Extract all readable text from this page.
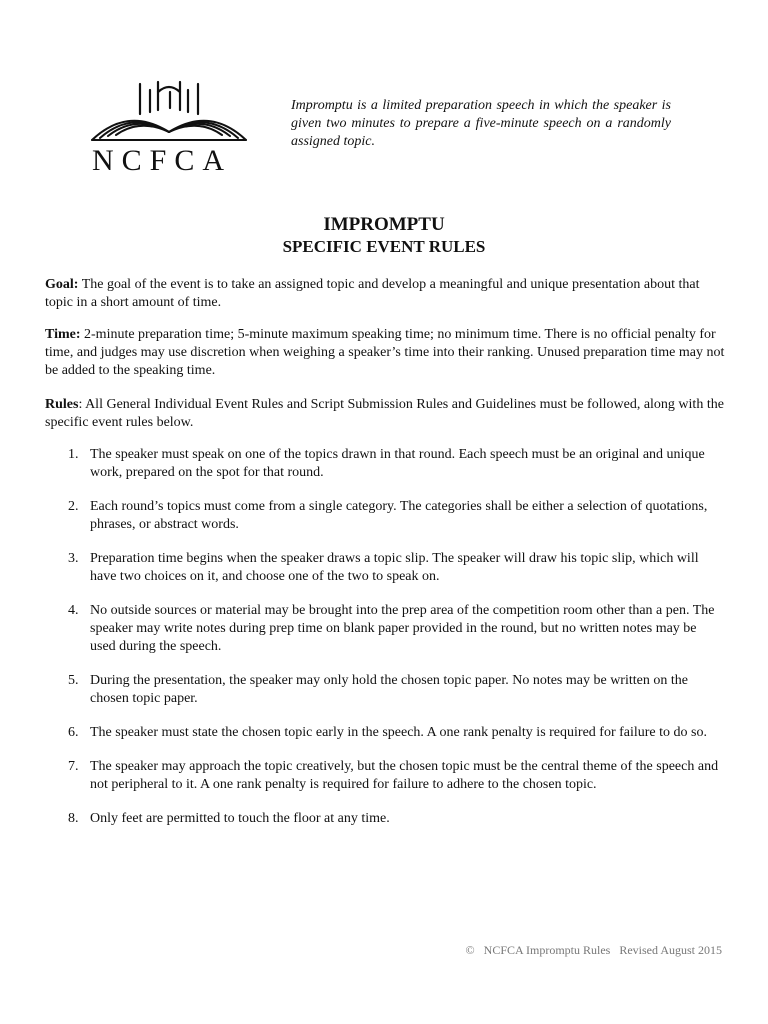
NCFCA

Impromptu is a limited preparation speech in which the speaker is given two minutes to prepare a five-minute speech on a randomly assigned topic.

IMPROMPTU
SPECIFIC EVENT RULES

Goal: The goal of the event is to take an assigned topic and develop a meaningful and unique presentation about that topic in a short amount of time.

Time: 2-minute preparation time; 5-minute maximum speaking time; no minimum time. There is no official penalty for time, and judges may use discretion when weighing a speaker’s time into their ranking. Unused preparation time may not be added to the speaking time.

Rules: All General Individual Event Rules and Script Submission Rules and Guidelines must be followed, along with the specific event rules below.

1. The speaker must speak on one of the topics drawn in that round. Each speech must be an original and unique work, prepared on the spot for that round.
2. Each round’s topics must come from a single category. The categories shall be either a selection of quotations, phrases, or abstract words.
3. Preparation time begins when the speaker draws a topic slip. The speaker will draw his topic slip, which will have two choices on it, and choose one of the two to speak on.
4. No outside sources or material may be brought into the prep area of the competition room other than a pen. The speaker may write notes during prep time on blank paper provided in the round, but no written notes may be used during the speech.
5. During the presentation, the speaker may only hold the chosen topic paper. No notes may be written on the chosen topic paper.
6. The speaker must state the chosen topic early in the speech. A one rank penalty is required for failure to do so.
7. The speaker may approach the topic creatively, but the chosen topic must be the central theme of the speech and not peripheral to it. A one rank penalty is required for failure to adhere to the chosen topic.
8. Only feet are permitted to touch the floor at any time.
©   NCFCA Impromptu Rules   Revised August 2015
